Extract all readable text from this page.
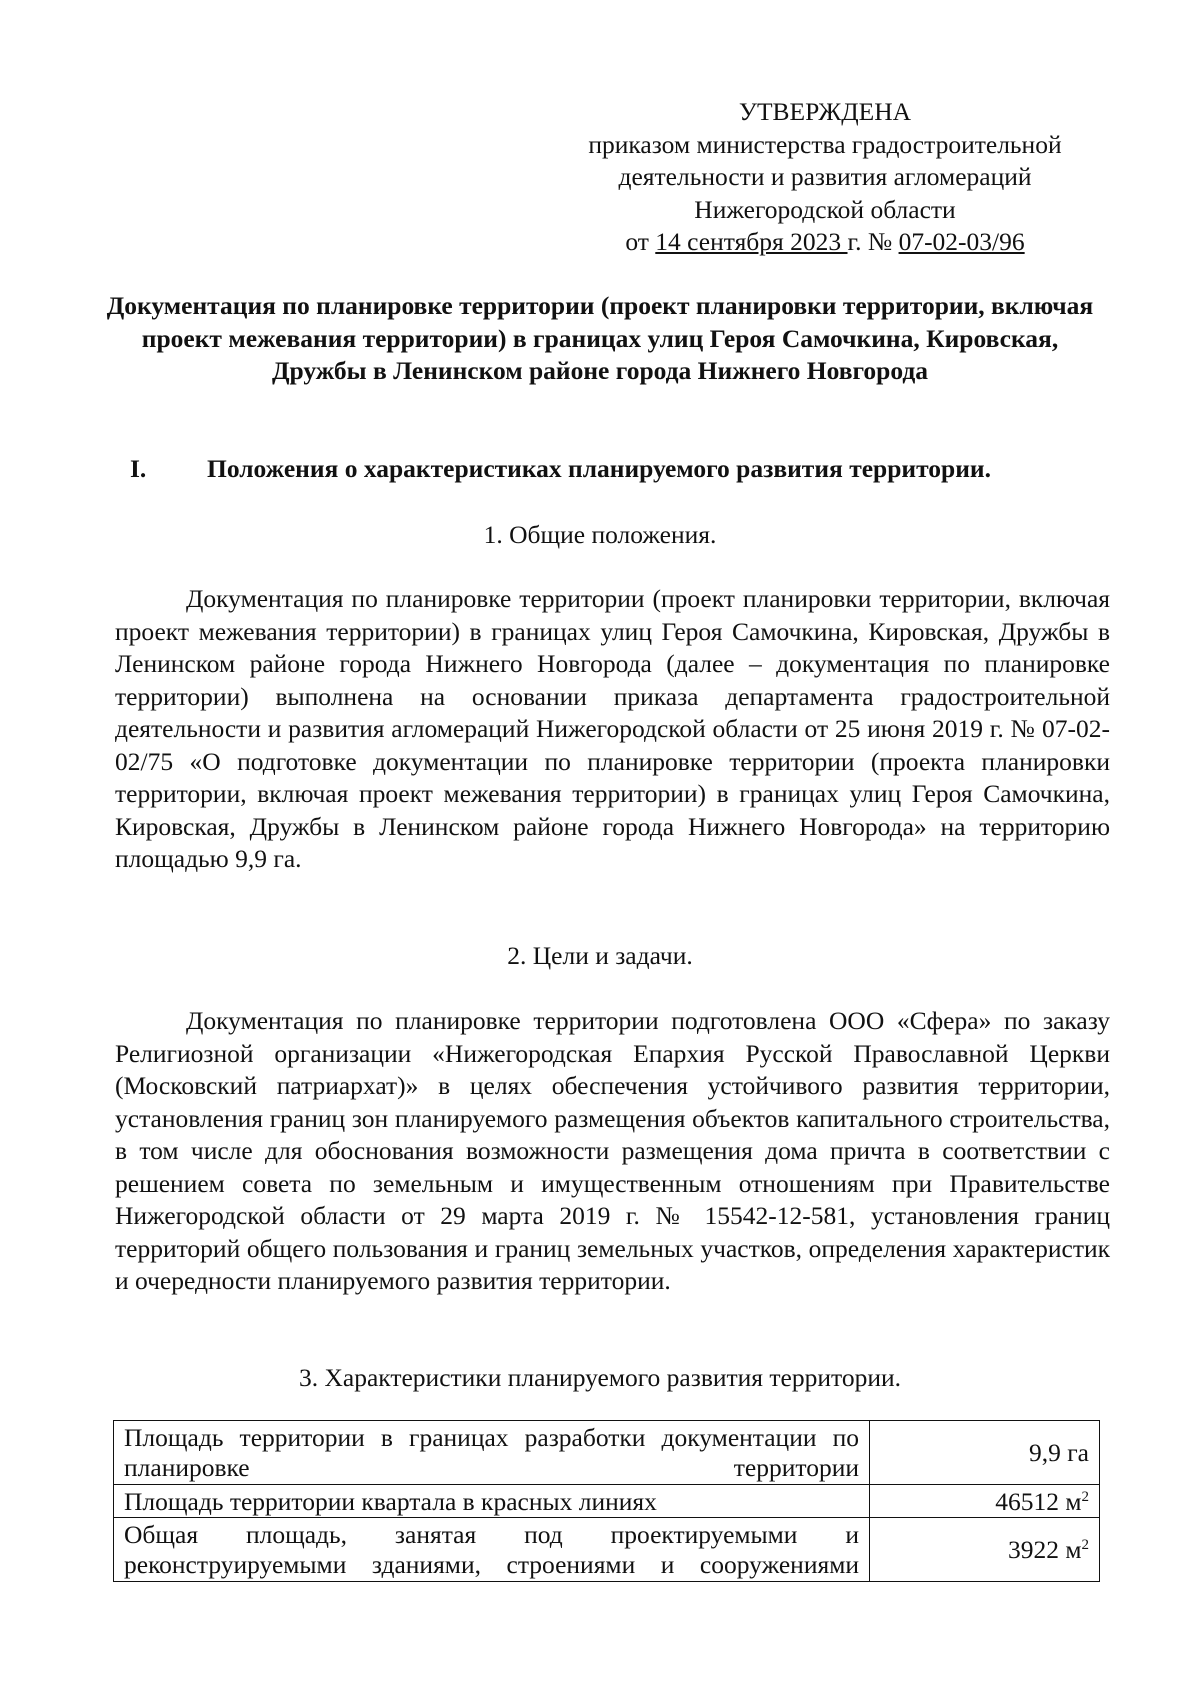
УТВЕРЖДЕНА
приказом министерства градостроительной
деятельности и развития агломераций
Нижегородской области
от 14 сентября 2023 г. № 07-02-03/96
Документация по планировке территории (проект планировки территории, включая проект межевания территории) в границах улиц Героя Самочкина, Кировская, Дружбы в Ленинском районе города Нижнего Новгорода
I. Положения о характеристиках планируемого развития территории.
1. Общие положения.
Документация по планировке территории (проект планировки территории, включая проект межевания территории) в границах улиц Героя Самочкина, Кировская, Дружбы в Ленинском районе города Нижнего Новгорода (далее – документация по планировке территории) выполнена на основании приказа департамента градостроительной деятельности и развития агломераций Нижегородской области от 25 июня 2019 г. № 07-02-02/75 «О подготовке документации по планировке территории (проекта планировки территории, включая проект межевания территории) в границах улиц Героя Самочкина, Кировская, Дружбы в Ленинском районе города Нижнего Новгорода» на территорию площадью 9,9 га.
2. Цели и задачи.
Документация по планировке территории подготовлена ООО «Сфера» по заказу Религиозной организации «Нижегородская Епархия Русской Православной Церкви (Московский патриархат)» в целях обеспечения устойчивого развития территории, установления границ зон планируемого размещения объектов капитального строительства, в том числе для обоснования возможности размещения дома причта в соответствии с решением совета по земельным и имущественным отношениям при Правительстве Нижегородской области от 29 марта 2019 г. № 15542-12-581, установления границ территорий общего пользования и границ земельных участков, определения характеристик и очередности планируемого развития территории.
3. Характеристики планируемого развития территории.
Площадь территории в границах разработки документации по планировке территории	9,9 га
Площадь территории квартала в красных линиях	46512 $м^2$
Общая площадь, занятая под проектируемыми и реконструируемыми зданиями, строениями и сооружениями	3922 $м^2$
